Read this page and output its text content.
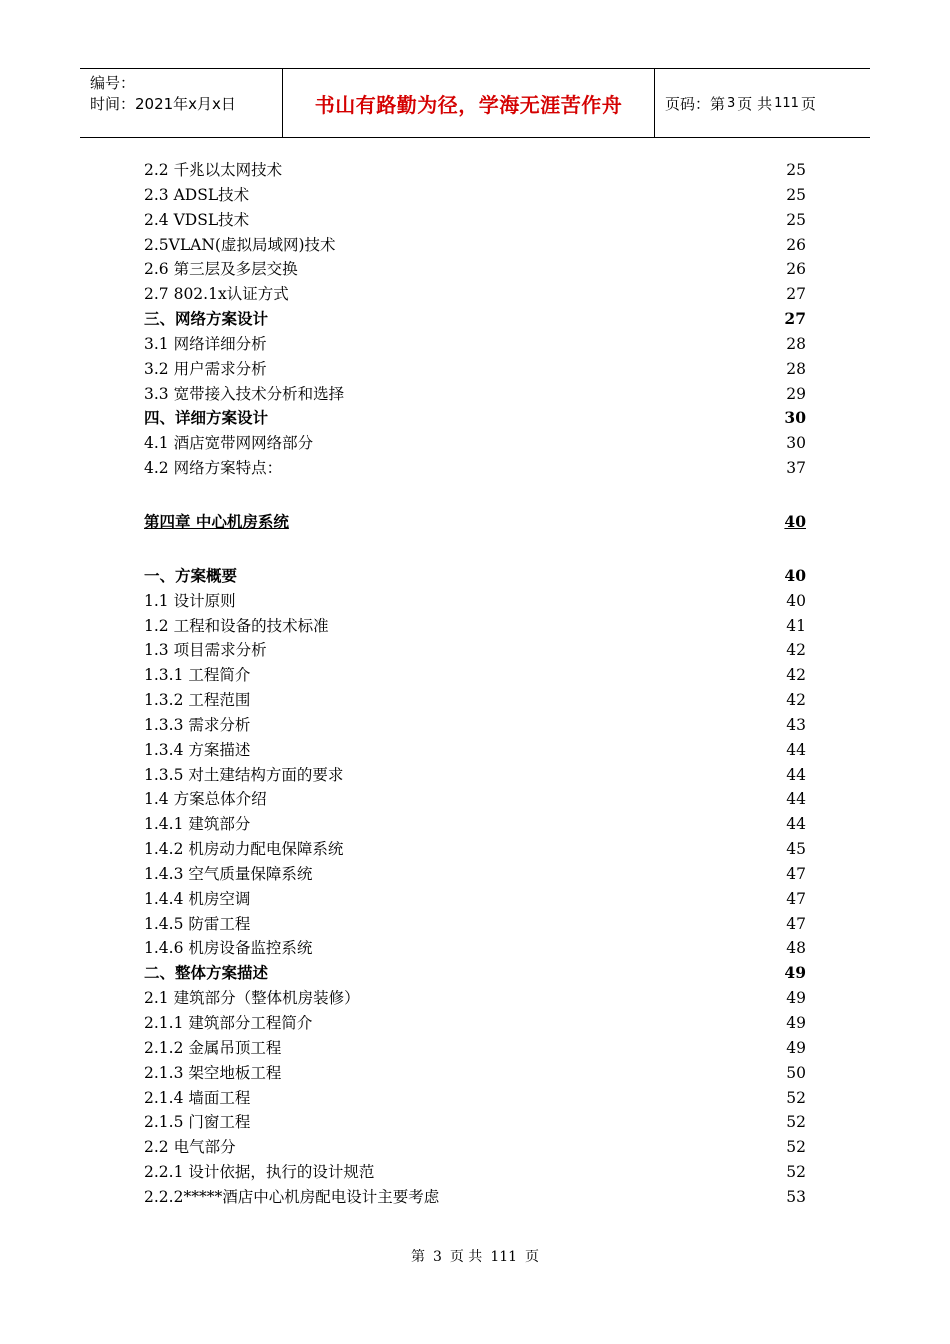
编号：
时间：2021年x月x日	书山有路勤为径，学海无涯苦作舟	页码：第 3 页 共 111 页
2.2 千兆以太网技术	25
2.3 ADSL技术	25
2.4 VDSL技术	25
2.5VLAN(虚拟局域网)技术	26
2.6 第三层及多层交换	26
2.7 802.1x认证方式	27
三、网络方案设计	27
3.1 网络详细分析	28
3.2 用户需求分析	28
3.3 宽带接入技术分析和选择	29
四、详细方案设计	30
4.1 酒店宽带网网络部分	30
4.2 网络方案特点：	37
第四章 中心机房系统	40
一、方案概要	40
1.1 设计原则	40
1.2 工程和设备的技术标准	41
1.3 项目需求分析	42
1.3.1 工程简介	42
1.3.2 工程范围	42
1.3.3 需求分析	43
1.3.4 方案描述	44
1.3.5 对土建结构方面的要求	44
1.4 方案总体介绍	44
1.4.1 建筑部分	44
1.4.2 机房动力配电保障系统	45
1.4.3 空气质量保障系统	47
1.4.4 机房空调	47
1.4.5 防雷工程	47
1.4.6 机房设备监控系统	48
二、整体方案描述	49
2.1 建筑部分（整体机房装修）	49
2.1.1 建筑部分工程简介	49
2.1.2 金属吊顶工程	49
2.1.3 架空地板工程	50
2.1.4 墙面工程	52
2.1.5 门窗工程	52
2.2 电气部分	52
2.2.1 设计依据，执行的设计规范	52
2.2.2*****酒店中心机房配电设计主要考虑	53
第 3 页 共 111 页
